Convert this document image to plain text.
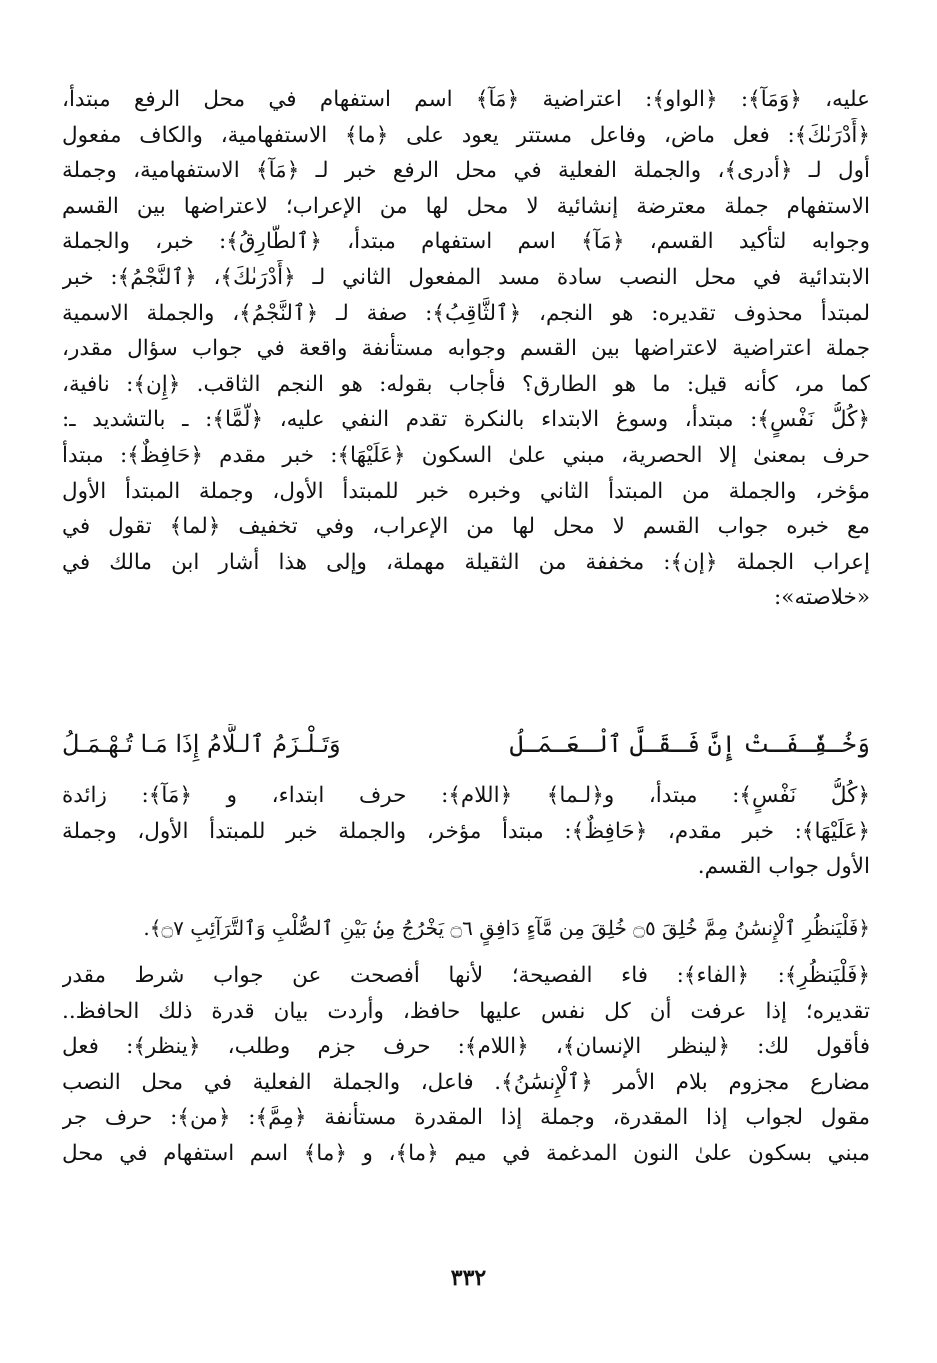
عليه، ﴿وَمَآ﴾: ﴿الواو﴾: اعتراضية ﴿مَآ﴾ اسم استفهام في محل الرفع مبتدأ،
﴿أَدْرَىٰكَ﴾: فعل ماض، وفاعل مستتر يعود على ﴿ما﴾ الاستفهامية، والكاف مفعول
أول لـ ﴿أدرى﴾، والجملة الفعلية في محل الرفع خبر لـ ﴿مَآ﴾ الاستفهامية، وجملة
الاستفهام جملة معترضة إنشائية لا محل لها من الإعراب؛ لاعتراضها بين القسم
وجوابه لتأكيد القسم، ﴿مَآ﴾ اسم استفهام مبتدأ، ﴿ٱلطَّارِقُ﴾: خبر، والجملة
الابتدائية في محل النصب سادة مسد المفعول الثاني لـ ﴿أَدْرَىٰكَ﴾، ﴿ٱلنَّجْمُ﴾: خبر
لمبتدأ محذوف تقديره: هو النجم، ﴿ٱلثَّاقِبُ﴾: صفة لـ ﴿ٱلنَّجْمُ﴾، والجملة الاسمية
جملة اعتراضية لاعتراضها بين القسم وجوابه مستأنفة واقعة في جواب سؤال مقدر،
كما مر، كأنه قيل: ما هو الطارق؟ فأجاب بقوله: هو النجم الثاقب. ﴿إِن﴾: نافية،
﴿كُلُّ نَفْسٍ﴾: مبتدأ، وسوغ الابتداء بالنكرة تقدم النفي عليه، ﴿لَّمَّا﴾: ـ بالتشديد ـ:
حرف بمعنىٰ إلا الحصرية، مبني علىٰ السكون ﴿عَلَيْهَا﴾: خبر مقدم ﴿حَافِظٌ﴾: مبتدأ
مؤخر، والجملة من المبتدأ الثاني وخبره خبر للمبتدأ الأول، وجملة المبتدأ الأول
مع خبره جواب القسم لا محل لها من الإعراب، وفي تخفيف ﴿لما﴾ تقول في
إعراب الجملة ﴿إن﴾: مخففة من الثقيلة مهملة، وإلى هذا أشار ابن مالك في
«خلاصته»:
وَخُـفِّـفَـتْ إِنَّ فَـقَـلَّ ٱلْـعَـمَـلُ
وَتَـلْـزَمُ ٱلـلَّامُ إِذَا مَـا تُـهْـمَـلُ
﴿كُلُّ نَفْسٍ﴾: مبتدأ، و﴿لـما﴾ ﴿اللام﴾: حرف ابتداء، و ﴿مَآ﴾: زائدة
﴿عَلَيْهَا﴾: خبر مقدم، ﴿حَافِظٌ﴾: مبتدأ مؤخر، والجملة خبر للمبتدأ الأول، وجملة
الأول جواب القسم.
﴿فَلْيَنظُرِ ٱلْإِنسَٰنُ مِمَّ خُلِقَ ۝٥ خُلِقَ مِن مَّآءٍ دَافِقٍ ۝٦ يَخْرُجُ مِنۢ بَيْنِ ٱلصُّلْبِ وَٱلتَّرَآئِبِ ۝٧﴾.
﴿فَلْيَنظُرِ﴾: ﴿الفاء﴾: فاء الفصيحة؛ لأنها أفصحت عن جواب شرط مقدر
تقديره؛ إذا عرفت أن كل نفس عليها حافظ، وأردت بيان قدرة ذلك الحافظ..
فأقول لك: ﴿لينظر الإنسان﴾، ﴿اللام﴾: حرف جزم وطلب، ﴿ينظر﴾: فعل
مضارع مجزوم بلام الأمر ﴿ٱلْإِنسَٰنُ﴾. فاعل، والجملة الفعلية في محل النصب
مقول لجواب إذا المقدرة، وجملة إذا المقدرة مستأنفة ﴿مِمَّ﴾: ﴿من﴾: حرف جر
مبني بسكون علىٰ النون المدغمة في ميم ﴿ما﴾، و ﴿ما﴾ اسم استفهام في محل
٣٣٢
